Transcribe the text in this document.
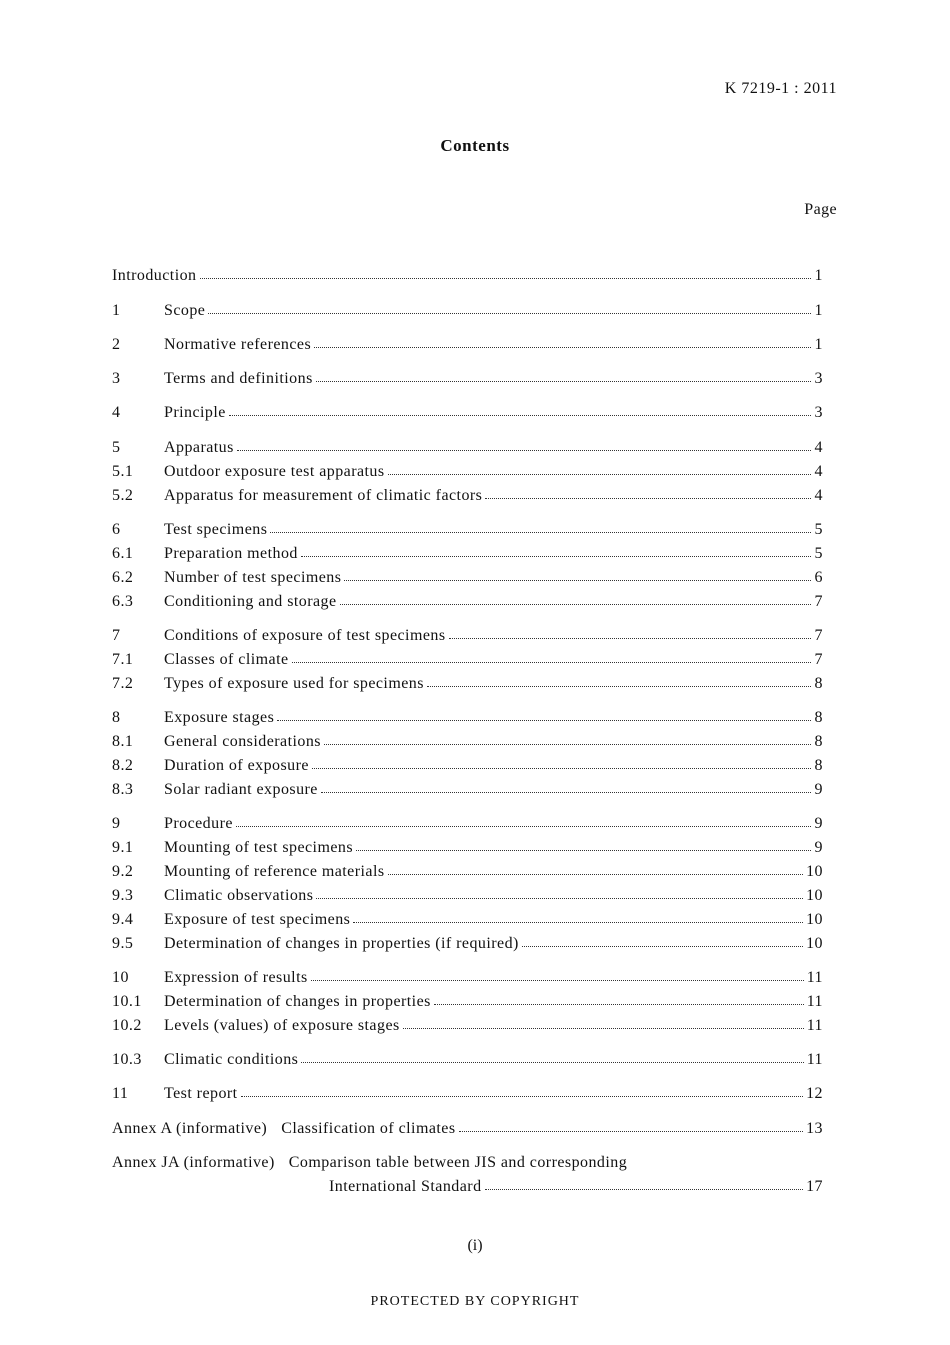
K 7219-1 : 2011
Contents
Page
Introduction	1
1	Scope	1
2	Normative references	1
3	Terms and definitions	3
4	Principle	3
5	Apparatus	4
5.1	Outdoor exposure test apparatus	4
5.2	Apparatus for measurement of climatic factors	4
6	Test specimens	5
6.1	Preparation method	5
6.2	Number of test specimens	6
6.3	Conditioning and storage	7
7	Conditions of exposure of test specimens	7
7.1	Classes of climate	7
7.2	Types of exposure used for specimens	8
8	Exposure stages	8
8.1	General considerations	8
8.2	Duration of exposure	8
8.3	Solar radiant exposure	9
9	Procedure	9
9.1	Mounting of test specimens	9
9.2	Mounting of reference materials	10
9.3	Climatic observations	10
9.4	Exposure of test specimens	10
9.5	Determination of changes in properties (if required)	10
10	Expression of results	11
10.1	Determination of changes in properties	11
10.2	Levels (values) of exposure stages	11
10.3	Climatic conditions	11
11	Test report	12
Annex A (informative) Classification of climates	13
Annex JA (informative) Comparison table between JIS and corresponding
International Standard	17
(i)
PROTECTED BY COPYRIGHT
